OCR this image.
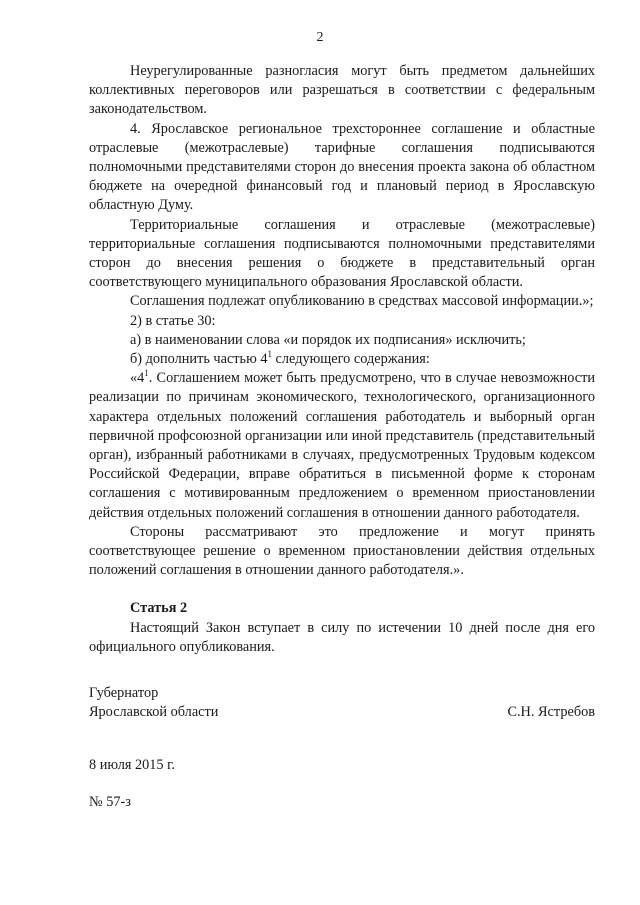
2

Неурегулированные разногласия могут быть предметом дальнейших коллективных переговоров или разрешаться в соответствии с федеральным законодательством.

4. Ярославское региональное трехстороннее соглашение и областные отраслевые (межотраслевые) тарифные соглашения подписываются полномочными представителями сторон до внесения проекта закона об областном бюджете на очередной финансовый год и плановый период в Ярославскую областную Думу.

Территориальные соглашения и отраслевые (межотраслевые) территориальные соглашения подписываются полномочными представителями сторон до внесения решения о бюджете в представительный орган соответствующего муниципального образования Ярославской области.

Соглашения подлежат опубликованию в средствах массовой информации.»;

2) в статье 30:

а) в наименовании слова «и порядок их подписания» исключить;

б) дополнить частью $4^1$ следующего содержания:

«$4^1$. Соглашением может быть предусмотрено, что в случае невозможности реализации по причинам экономического, технологического, организационного характера отдельных положений соглашения работодатель и выборный орган первичной профсоюзной организации или иной представитель (представительный орган), избранный работниками в случаях, предусмотренных Трудовым кодексом Российской Федерации, вправе обратиться в письменной форме к сторонам соглашения с мотивированным предложением о временном приостановлении действия отдельных положений соглашения в отношении данного работодателя.

Стороны рассматривают это предложение и могут принять соответствующее решение о временном приостановлении действия отдельных положений соглашения в отношении данного работодателя.».

Статья 2

Настоящий Закон вступает в силу по истечении 10 дней после дня его официального опубликования.

Губернатор
Ярославской области	С.Н. Ястребов
8 июля 2015 г.
№ 57-з
